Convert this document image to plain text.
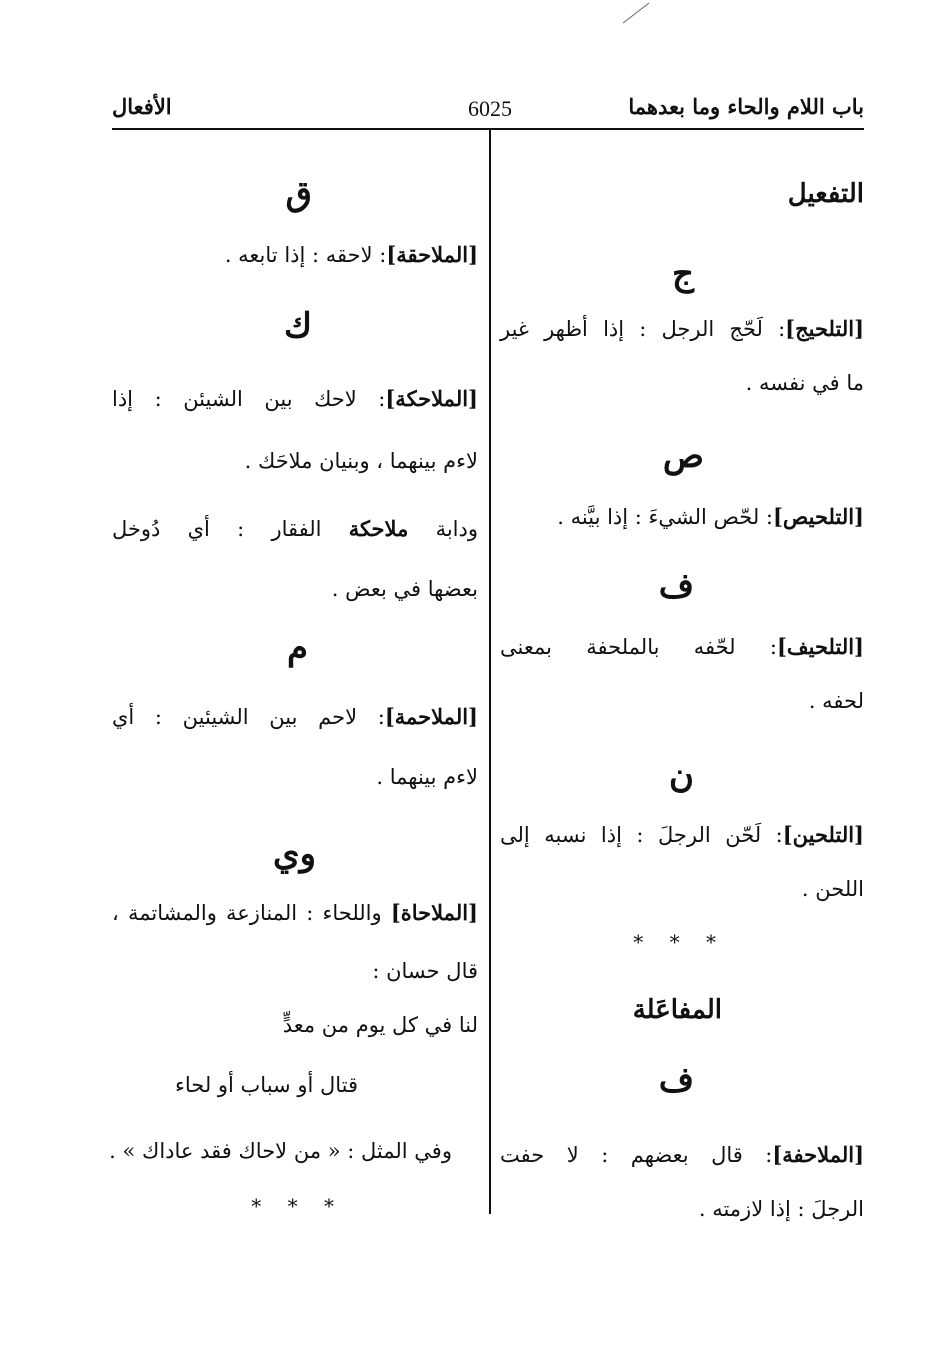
باب اللام والحاء وما بعدهما
6025
الأفعال
التفعيل
ج
[التلحيج]: لَحّج الرجل : إذا أظهر غير
ما في نفسه .
ص
[التلحيص]: لحّص الشيءَ : إذا بيَّنه .
ف
[التلحيف]: لحّفه بالملحفة بمعنى
لحفه .
ن
[التلحين]: لَحّن الرجلَ : إذا نسبه إلى
اللحن .
* * *
المفاعَلة
ف
[الملاحفة]: قال بعضهم : لا حفت
الرجلَ : إذا لازمته .
ق
[الملاحقة]: لاحقه : إذا تابعه .
ك
[الملاحكة]: لاحك بين الشيئن : إذا
لاءم بينهما ، وبنيان ملاحَك .
ودابة ملاحكة الفقار : أي دُوخل
بعضها في بعض .
م
[الملاحمة]: لاحم بين الشيئين : أي
لاءم بينهما .
وي
[الملاحاة] واللحاء : المنازعة والمشاتمة ،
قال حسان :
لنا في كل يوم من معدٍّ
قتال أو سباب أو لحاء
وفي المثل : « من لاحاك فقد عاداك » .
* * *
